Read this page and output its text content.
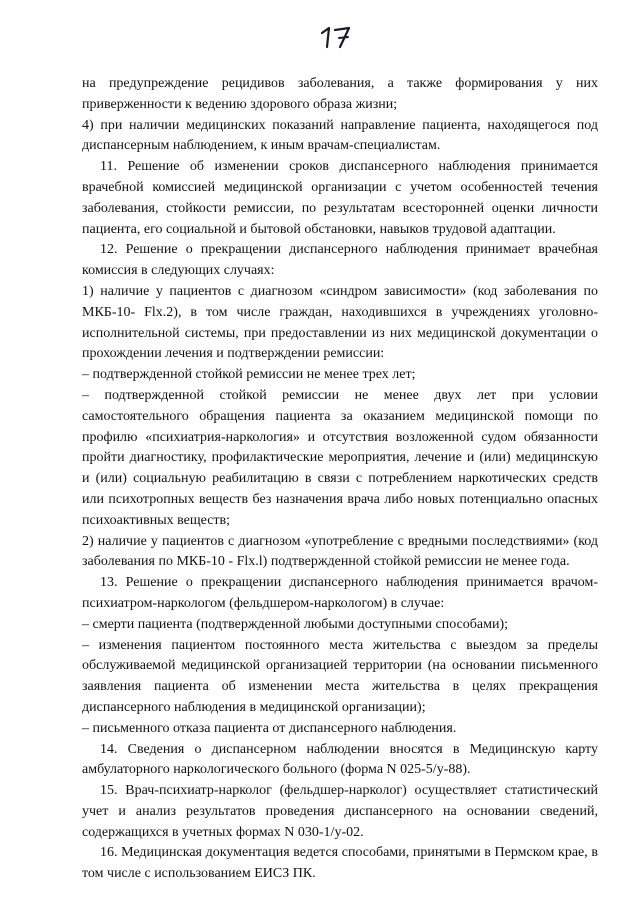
на предупреждение рецидивов заболевания, а также формирования у них приверженности к ведению здорового образа жизни;

4) при наличии медицинских показаний направление пациента, находящегося под диспансерным наблюдением, к иным врачам-специалистам.

11. Решение об изменении сроков диспансерного наблюдения принимается врачебной комиссией медицинской организации с учетом особенностей течения заболевания, стойкости ремиссии, по результатам всесторонней оценки личности пациента, его социальной и бытовой обстановки, навыков трудовой адаптации.

12. Решение о прекращении диспансерного наблюдения принимает врачебная комиссия в следующих случаях:

1) наличие у пациентов с диагнозом «синдром зависимости» (код заболевания по МКБ-10- Flx.2), в том числе граждан, находившихся в учреждениях уголовно-исполнительной системы, при предоставлении из них медицинской документации о прохождении лечения и подтверждении ремиссии:

– подтвержденной стойкой ремиссии не менее трех лет;

– подтвержденной стойкой ремиссии не менее двух лет при условии самостоятельного обращения пациента за оказанием медицинской помощи по профилю «психиатрия-наркология» и отсутствия возложенной судом обязанности пройти диагностику, профилактические мероприятия, лечение и (или) медицинскую и (или) социальную реабилитацию в связи с потреблением наркотических средств или психотропных веществ без назначения врача либо новых потенциально опасных психоактивных веществ;

2) наличие у пациентов с диагнозом «употребление с вредными последствиями» (код заболевания по МКБ-10 - Flx.l) подтвержденной стойкой ремиссии не менее года.

13. Решение о прекращении диспансерного наблюдения принимается врачом-психиатром-наркологом (фельдшером-наркологом) в случае:

– смерти пациента (подтвержденной любыми доступными способами);

– изменения пациентом постоянного места жительства с выездом за пределы обслуживаемой медицинской организацией территории (на основании письменного заявления пациента об изменении места жительства в целях прекращения диспансерного наблюдения в медицинской организации);

– письменного отказа пациента от диспансерного наблюдения.

14. Сведения о диспансерном наблюдении вносятся в Медицинскую карту амбулаторного наркологического больного (форма N 025-5/у-88).

15. Врач-психиатр-нарколог (фельдшер-нарколог) осуществляет статистический учет и анализ результатов проведения диспансерного на основании сведений, содержащихся в учетных формах N 030-1/у-02.

16. Медицинская документация ведется способами, принятыми в Пермском крае, в том числе с использованием ЕИСЗ ПК.
